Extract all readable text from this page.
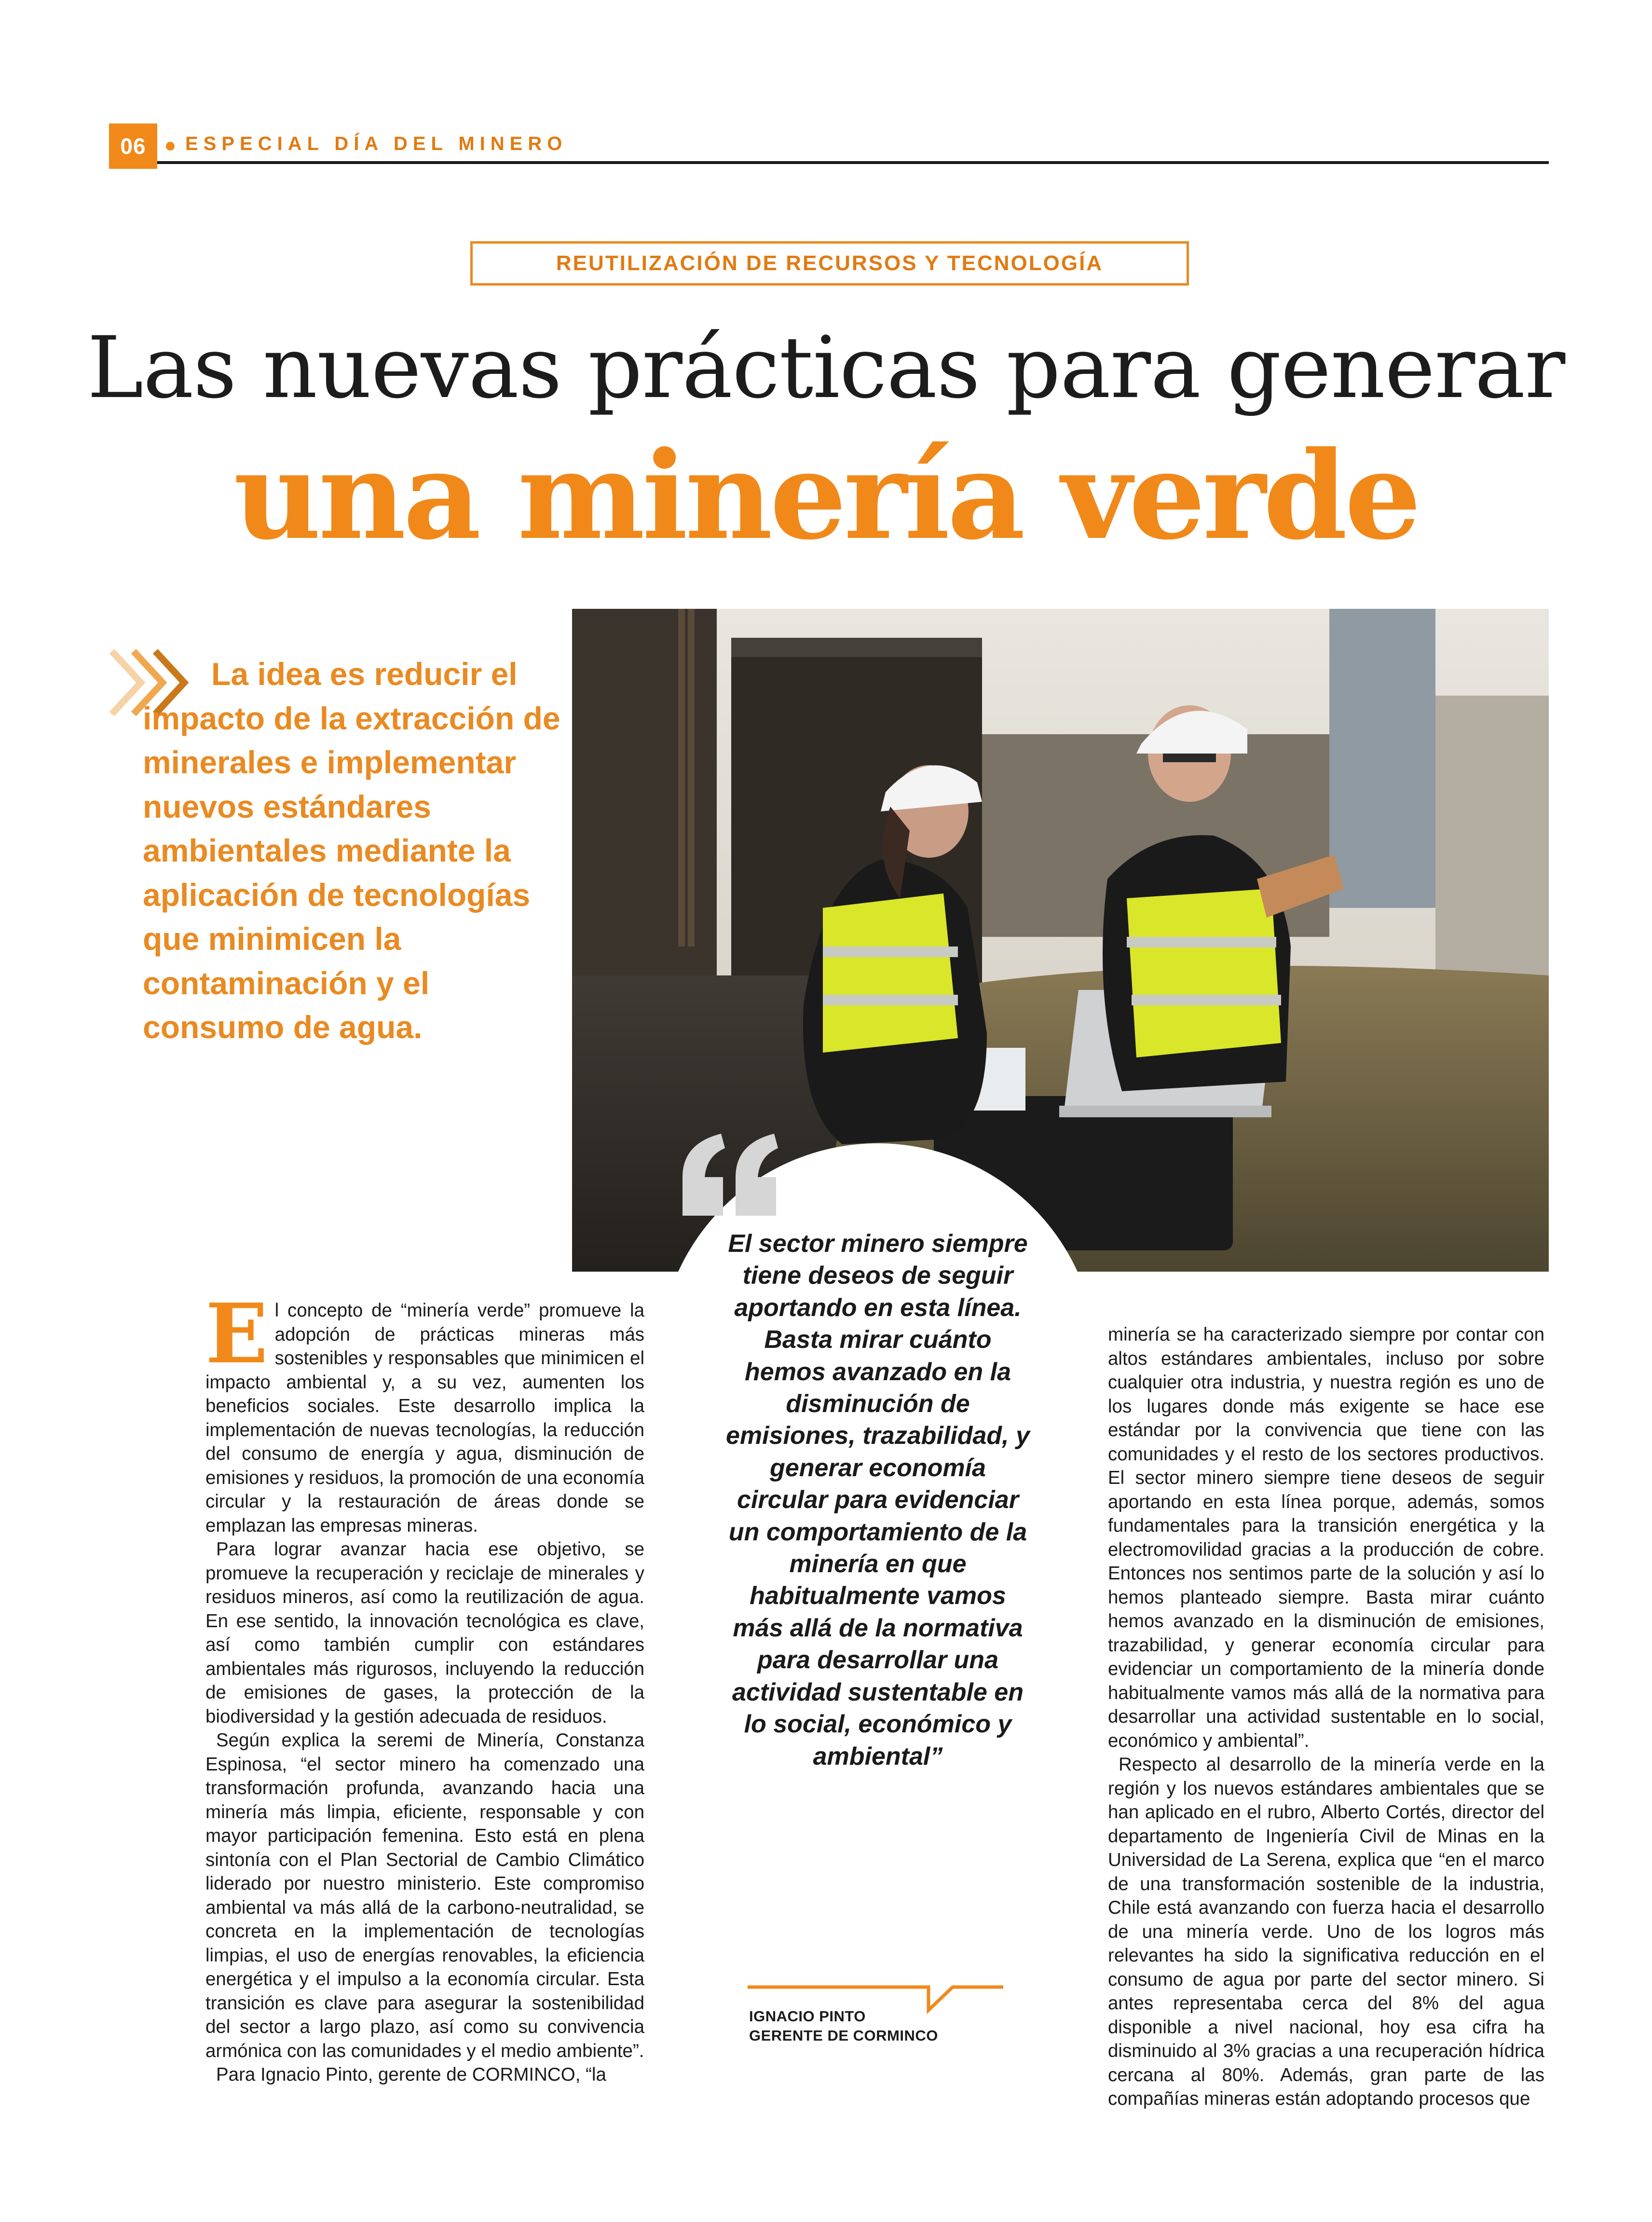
06	ESPECIAL DÍA DEL MINERO
REUTILIZACIÓN DE RECURSOS Y TECNOLOGÍA
Las nuevas prácticas para generar
una minería verde
La idea es reducir el impacto de la extracción de minerales e implementar nuevos estándares ambientales mediante la aplicación de tecnologías que minimicen la contaminación y el consumo de agua.
El sector minero siempre tiene deseos de seguir aportando en esta línea. Basta mirar cuánto hemos avanzado en la disminución de emisiones, trazabilidad, y generar economía circular para evidenciar un comportamiento de la minería en que habitualmente vamos más allá de la normativa para desarrollar una actividad sustentable en lo social, económico y ambiental”
IGNACIO PINTO
GERENTE DE CORMINCO

El concepto de “minería verde” promueve la adopción de prácticas mineras más sostenibles y responsables que minimicen el impacto ambiental y, a su vez, aumenten los beneficios sociales. Este desarrollo implica la implementación de nuevas tecnologías, la reducción del consumo de energía y agua, disminución de emisiones y residuos, la promoción de una economía circular y la restauración de áreas donde se emplazan las empresas mineras.

Para lograr avanzar hacia ese objetivo, se promueve la recuperación y reciclaje de minerales y residuos mineros, así como la reutilización de agua. En ese sentido, la innovación tecnológica es clave, así como también cumplir con estándares ambientales más rigurosos, incluyendo la reducción de emisiones de gases, la protección de la biodiversidad y la gestión adecuada de residuos.

Según explica la seremi de Minería, Constanza Espinosa, “el sector minero ha comenzado una transformación profunda, avanzando hacia una minería más limpia, eficiente, responsable y con mayor participación femenina. Esto está en plena sintonía con el Plan Sectorial de Cambio Climático liderado por nuestro ministerio. Este compromiso ambiental va más allá de la carbono-neutralidad, se concreta en la implementación de tecnologías limpias, el uso de energías renovables, la eficiencia energética y el impulso a la economía circular. Esta transición es clave para asegurar la sostenibilidad del sector a largo plazo, así como su convivencia armónica con las comunidades y el medio ambiente”.

Para Ignacio Pinto, gerente de CORMINCO, “la

minería se ha caracterizado siempre por contar con altos estándares ambientales, incluso por sobre cualquier otra industria, y nuestra región es uno de los lugares donde más exigente se hace ese estándar por la convivencia que tiene con las comunidades y el resto de los sectores productivos. El sector minero siempre tiene deseos de seguir aportando en esta línea porque, además, somos fundamentales para la transición energética y la electromovilidad gracias a la producción de cobre. Entonces nos sentimos parte de la solución y así lo hemos planteado siempre. Basta mirar cuánto hemos avanzado en la disminución de emisiones, trazabilidad, y generar economía circular para evidenciar un comportamiento de la minería donde habitualmente vamos más allá de la normativa para desarrollar una actividad sustentable en lo social, económico y ambiental”.

Respecto al desarrollo de la minería verde en la región y los nuevos estándares ambientales que se han aplicado en el rubro, Alberto Cortés, director del departamento de Ingeniería Civil de Minas en la Universidad de La Serena, explica que “en el marco de una transformación sostenible de la industria, Chile está avanzando con fuerza hacia el desarrollo de una minería verde. Uno de los logros más relevantes ha sido la significativa reducción en el consumo de agua por parte del sector minero. Si antes representaba cerca del 8% del agua disponible a nivel nacional, hoy esa cifra ha disminuido al 3% gracias a una recuperación hídrica cercana al 80%. Además, gran parte de las compañías mineras están adoptando procesos que
